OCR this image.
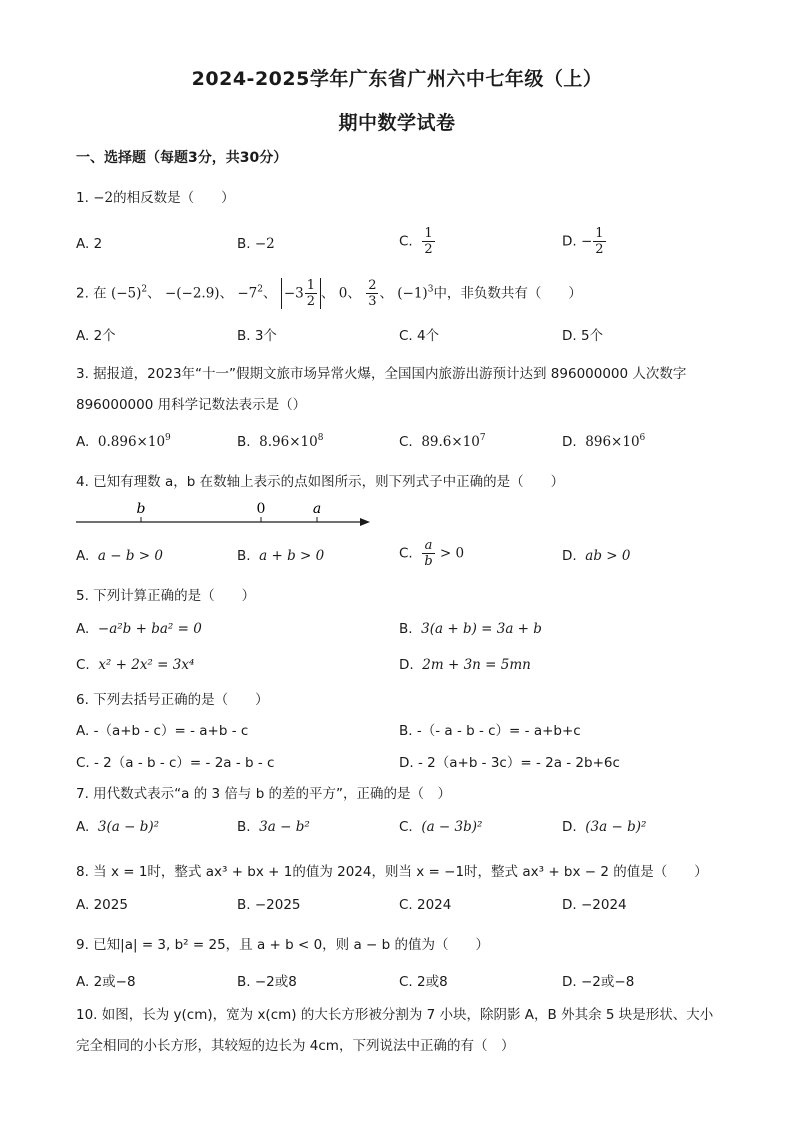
2024-2025学年广东省广州六中七年级（上）
期中数学试卷
一、选择题（每题3分，共30分）
1. −2的相反数是（　　）
A. 2	B. −2	C. $\frac{1}{2}$	D. − $\frac{1}{2}$
2. 在 $(-5)^2$、 −(−2.9)、 $-7^2$、 $-3 \frac{1}{2}$ 、 0、 $\frac{2}{3}$ 、 $(-1)^3$中，非负数共有（　　）
A. 2个	B. 3个	C. 4个	D. 5个
3. 据报道，2023年“十一”假期文旅市场异常火爆，全国国内旅游出游预计达到 896000000 人次数字 896000000 用科学记数法表示是（）
A. $0.896\times 10^9$	B. $8.96\times 10^8$	C. $89.6\times 10^7$	D. $896\times 10^6$
4. 已知有理数 a，b 在数轴上表示的点如图所示，则下列式子中正确的是（　　）
b	0	a
A. a − b > 0	B. a + b > 0	C. $\frac{a}{b} > 0$	D. ab > 0
5. 下列计算正确的是（　　）
A. −a²b + ba² = 0	B. 3(a + b) = 3a + b
C. x² + 2x² = 3x⁴	D. 2m + 3n = 5mn
6. 下列去括号正确的是（　　）
A. -（a+b - c）= - a+b - c	B. -（- a - b - c）= - a+b+c
C. - 2（a - b - c）= - 2a - b - c	D. - 2（a+b - 3c）= - 2a - 2b+6c
7. 用代数式表示“a 的 3 倍与 b 的差的平方”，正确的是（　）
A. 3(a − b)²	B. 3a − b²	C. (a − 3b)²	D. (3a − b)²
8. 当 x = 1时，整式 ax³ + bx + 1的值为 2024，则当 x = −1时，整式 ax³ + bx − 2 的值是（　　）
A. 2025	B. −2025	C. 2024	D. −2024
9. 已知|a| = 3, b² = 25，且 a + b < 0，则 a − b 的值为（　　）
A. 2或−8	B. −2或8	C. 2或8	D. −2或−8
10. 如图，长为 y(cm)，宽为 x(cm) 的大长方形被分割为 7 小块，除阴影 A，B 外其余 5 块是形状、大小完全相同的小长方形，其较短的边长为 4cm，下列说法中正确的有（　）
